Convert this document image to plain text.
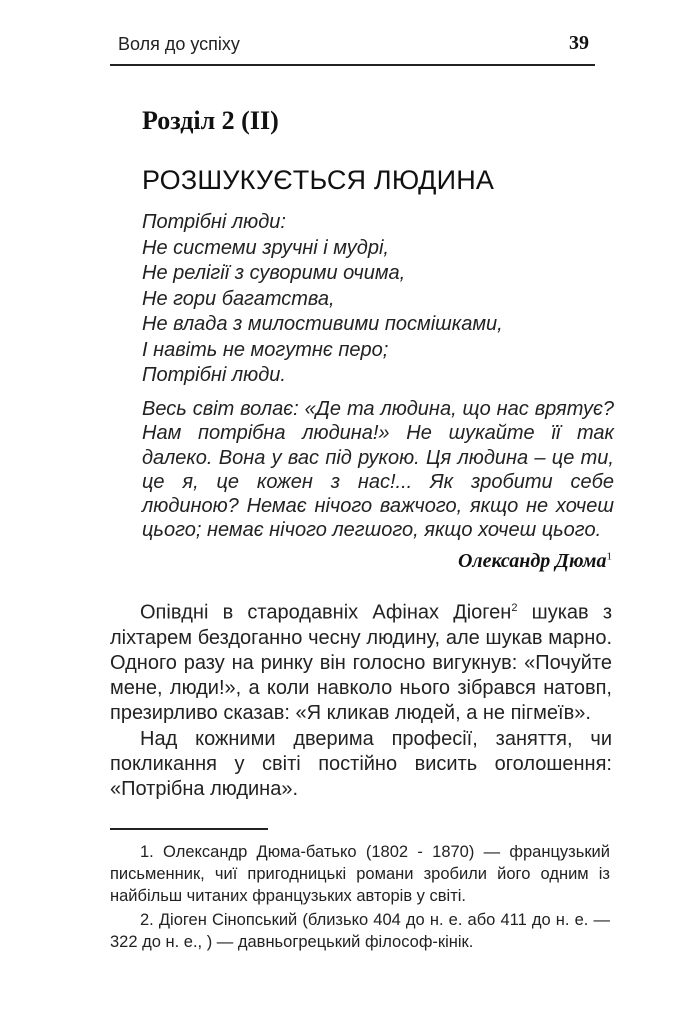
Воля до успіху	39
Розділ 2 (II)
РОЗШУКУЄТЬСЯ ЛЮДИНА
Потрібні люди:
Не системи зручні і мудрі,
Не релігії з суворими очима,
Не гори багатства,
Не влада з милостивими посмішками,
І навіть не могутнє перо;
Потрібні люди.
Весь світ волає: «Де та людина, що нас врятує? Нам потрібна людина!» Не шукайте її так далеко. Вона у вас під рукою. Ця людина – це ти, це я, це кожен з нас!... Як зробити себе людиною? Немає нічого важчого, якщо не хочеш цього; немає нічого легшого, якщо хочеш цього.
Олександр Дюма$^1$

Опівдні в стародавніх Афінах Діоген$^2$ шукав з ліхтарем бездоганно чесну людину, але шукав марно. Одного разу на ринку він голосно вигукнув: «Почуйте мене, люди!», а коли навколо нього зібрався натовп, презирливо сказав: «Я кликав людей, а не пігмеїв».

Над кожними дверима професії, заняття, чи покликання у світі постійно висить оголошення: «Потрібна людина».

1. Олександр Дюма-батько (1802 - 1870) — французький письменник, чиї пригодницькі романи зробили його одним із найбільш читаних французьких авторів у світі.

2. Діоген Сінопський (близько 404 до н. е. або 411 до н. е. — 322 до н. е., ) — давньогрецький філософ-кінік.
